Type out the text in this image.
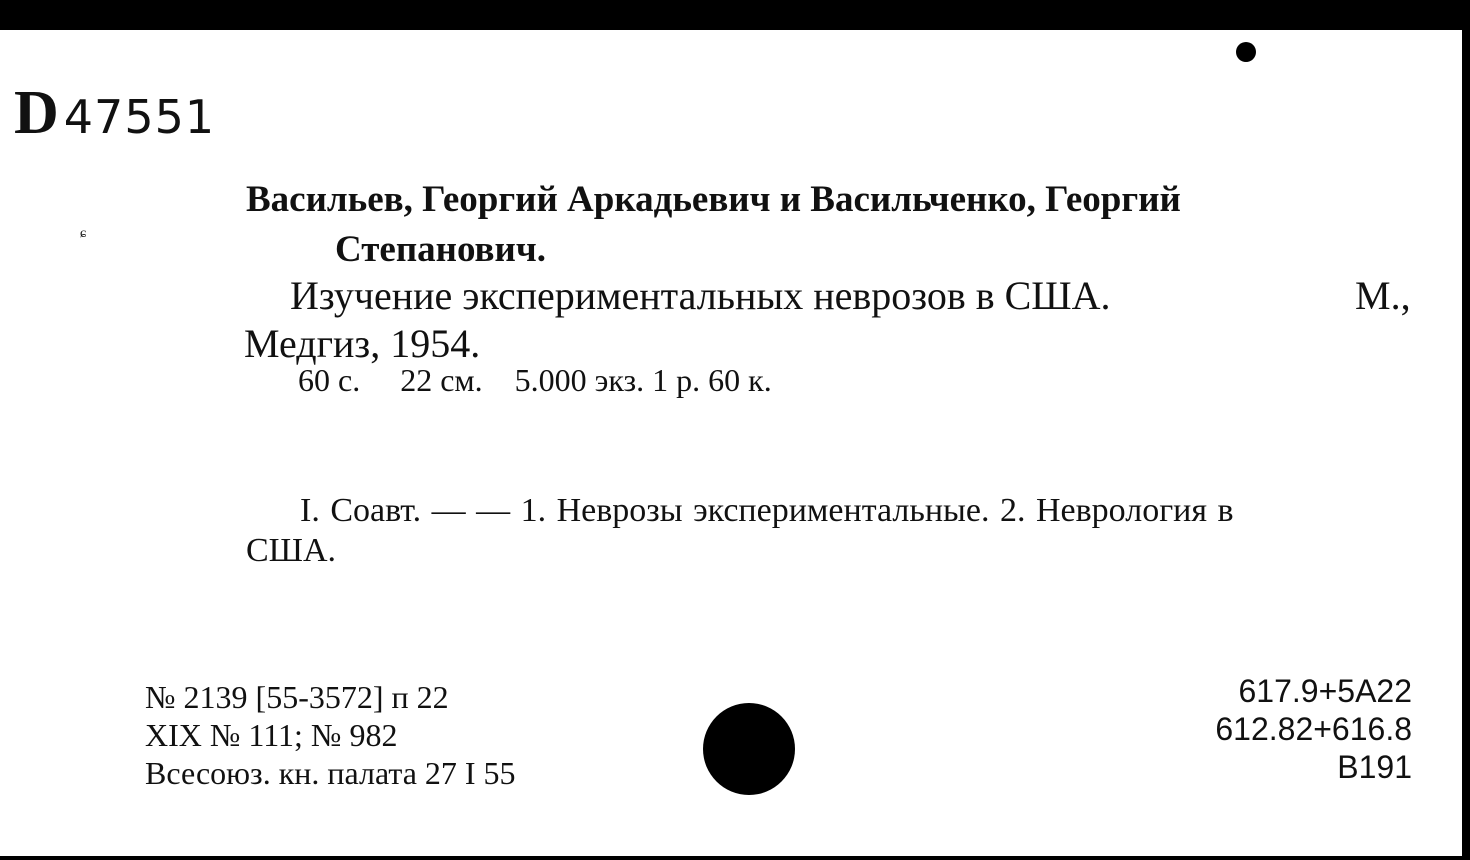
D47551
ɕ
Васильев, Георгий Аркадьевич и Васильченко, Георгий
Степанович.
Изучение экспериментальных неврозов в США.	М.,
Медгиз, 1954.
60 с.     22 см.    5.000 экз. 1 р. 60 к.
I. Соавт. — — 1. Неврозы экспериментальные. 2. Неврология в
США.
№ 2139 [55-3572] п 22
XIX № 111; № 982
Всесоюз. кн. палата 27 I 55
617.9+5А22
612.82+616.8
В191
